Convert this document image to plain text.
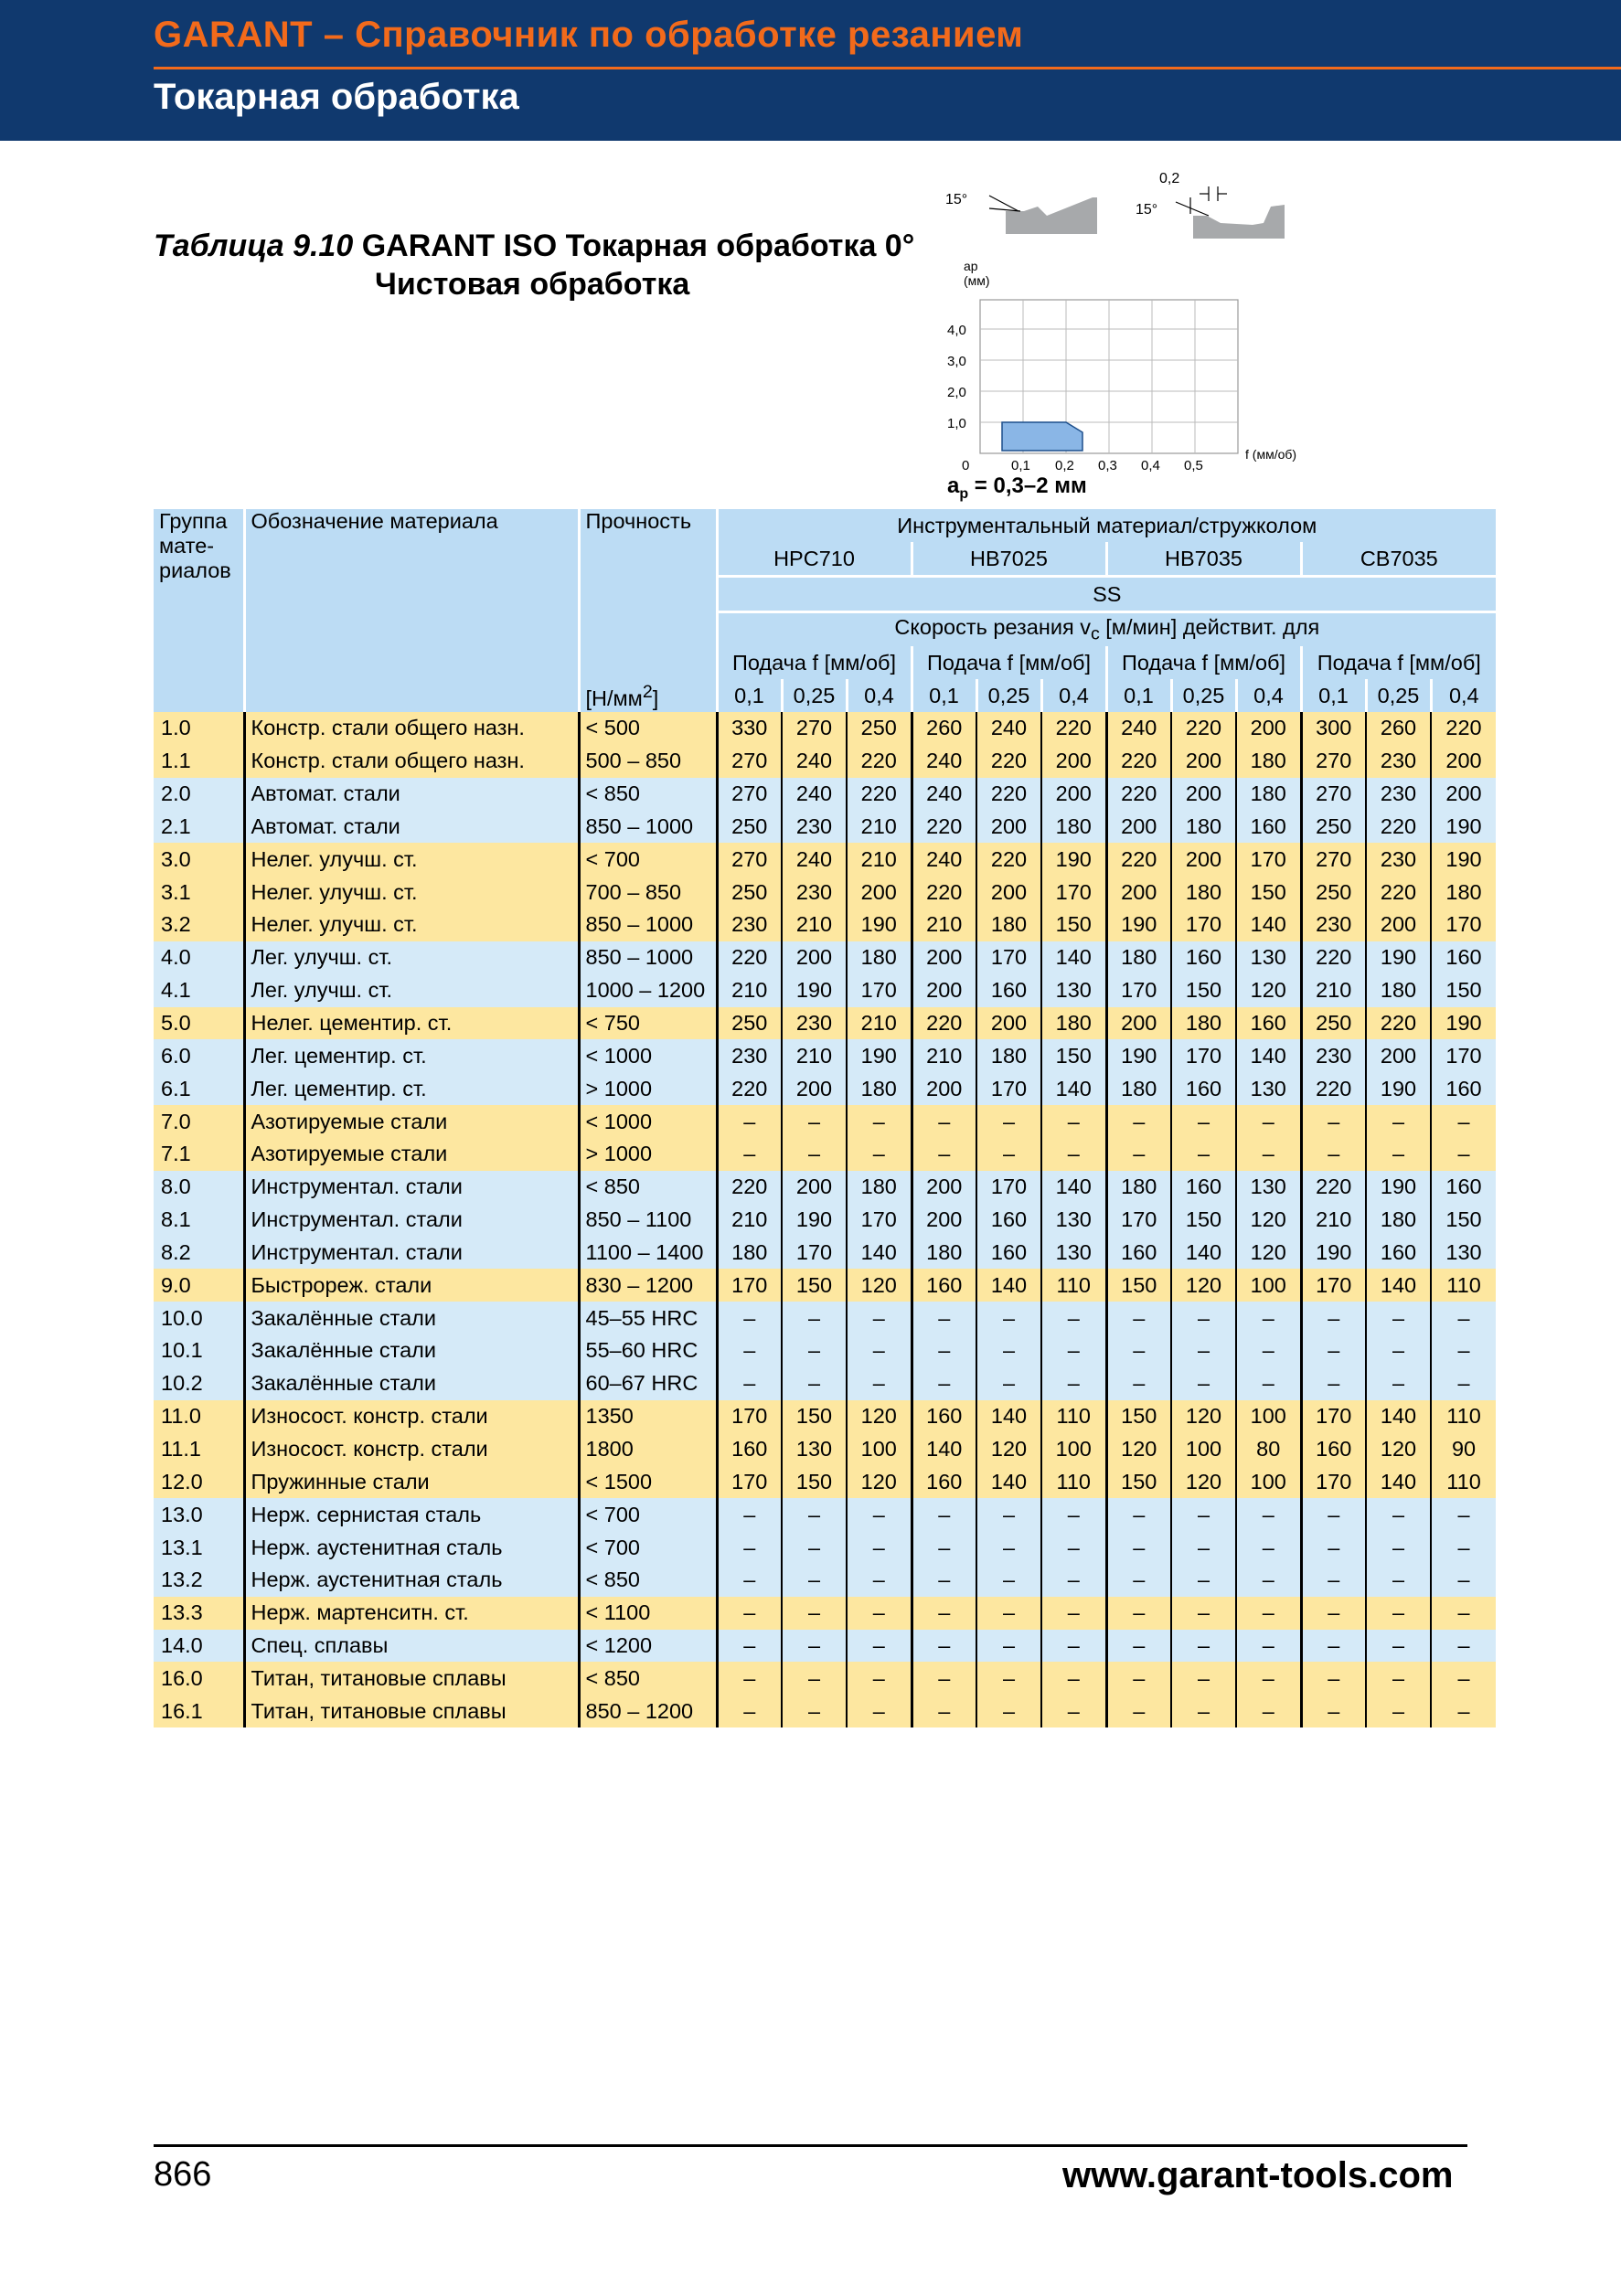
GARANT – Справочник по обработке резанием
Токарная обработка
Таблица 9.10 GARANT ISO Токарная обработка 0°
Чистовая обработка
15°
0,2
15°
ap
(мм)
4,0
3,0
2,0
1,0
0	0,1 0,2 0,3 0,4 0,5
f (мм/об)
$a_p = 0,3-2$ мм
Группа мате-риалов	Обозначение материала	Прочность	Инструментальный материал/стружколом											
			HPC710			HB7025			HB7035			CB7035		
			SS											
			Скорость резания $v_c$ [м/мин] действит. для											
			Подача f [мм/об]			Подача f [мм/об]			Подача f [мм/об]			Подача f [мм/об]		
		$[Н/мм^2]$	0,1	0,25	0,4	0,1	0,25	0,4	0,1	0,25	0,4	0,1	0,25	0,4
1.0	Констр. стали общего назн.	< 500	330	270	250	260	240	220	240	220	200	300	260	220
1.1	Констр. стали общего назн.	500 – 850	270	240	220	240	220	200	220	200	180	270	230	200
2.0	Автомат. стали	< 850	270	240	220	240	220	200	220	200	180	270	230	200
2.1	Автомат. стали	850 – 1000	250	230	210	220	200	180	200	180	160	250	220	190
3.0	Нелег. улучш. ст.	< 700	270	240	210	240	220	190	220	200	170	270	230	190
3.1	Нелег. улучш. ст.	700 – 850	250	230	200	220	200	170	200	180	150	250	220	180
3.2	Нелег. улучш. ст.	850 – 1000	230	210	190	210	180	150	190	170	140	230	200	170
4.0	Лег. улучш. ст.	850 – 1000	220	200	180	200	170	140	180	160	130	220	190	160
4.1	Лег. улучш. ст.	1000 – 1200	210	190	170	200	160	130	170	150	120	210	180	150
5.0	Нелег. цементир. ст.	< 750	250	230	210	220	200	180	200	180	160	250	220	190
6.0	Лег. цементир. ст.	< 1000	230	210	190	210	180	150	190	170	140	230	200	170
6.1	Лег. цементир. ст.	> 1000	220	200	180	200	170	140	180	160	130	220	190	160
7.0	Азотируемые стали	< 1000	–	–	–	–	–	–	–	–	–	–	–	–
7.1	Азотируемые стали	> 1000	–	–	–	–	–	–	–	–	–	–	–	–
8.0	Инструментал. стали	< 850	220	200	180	200	170	140	180	160	130	220	190	160
8.1	Инструментал. стали	850 – 1100	210	190	170	200	160	130	170	150	120	210	180	150
8.2	Инструментал. стали	1100 – 1400	180	170	140	180	160	130	160	140	120	190	160	130
9.0	Быстрореж. стали	830 – 1200	170	150	120	160	140	110	150	120	100	170	140	110
10.0	Закалённые стали	45–55 HRC	–	–	–	–	–	–	–	–	–	–	–	–
10.1	Закалённые стали	55–60 HRC	–	–	–	–	–	–	–	–	–	–	–	–
10.2	Закалённые стали	60–67 HRC	–	–	–	–	–	–	–	–	–	–	–	–
11.0	Износост. констр. стали	1350	170	150	120	160	140	110	150	120	100	170	140	110
11.1	Износост. констр. стали	1800	160	130	100	140	120	100	120	100	80	160	120	90
12.0	Пружинные стали	< 1500	170	150	120	160	140	110	150	120	100	170	140	110
13.0	Нерж. сернистая сталь	< 700	–	–	–	–	–	–	–	–	–	–	–	–
13.1	Нерж. аустенитная сталь	< 700	–	–	–	–	–	–	–	–	–	–	–	–
13.2	Нерж. аустенитная сталь	< 850	–	–	–	–	–	–	–	–	–	–	–	–
13.3	Нерж. мартенситн. ст.	< 1100	–	–	–	–	–	–	–	–	–	–	–	–
14.0	Спец. сплавы	< 1200	–	–	–	–	–	–	–	–	–	–	–	–
16.0	Титан, титановые сплавы	< 850	–	–	–	–	–	–	–	–	–	–	–	–
16.1	Титан, титановые сплавы	850 – 1200	–	–	–	–	–	–	–	–	–	–	–	–
866	www.garant-tools.com
